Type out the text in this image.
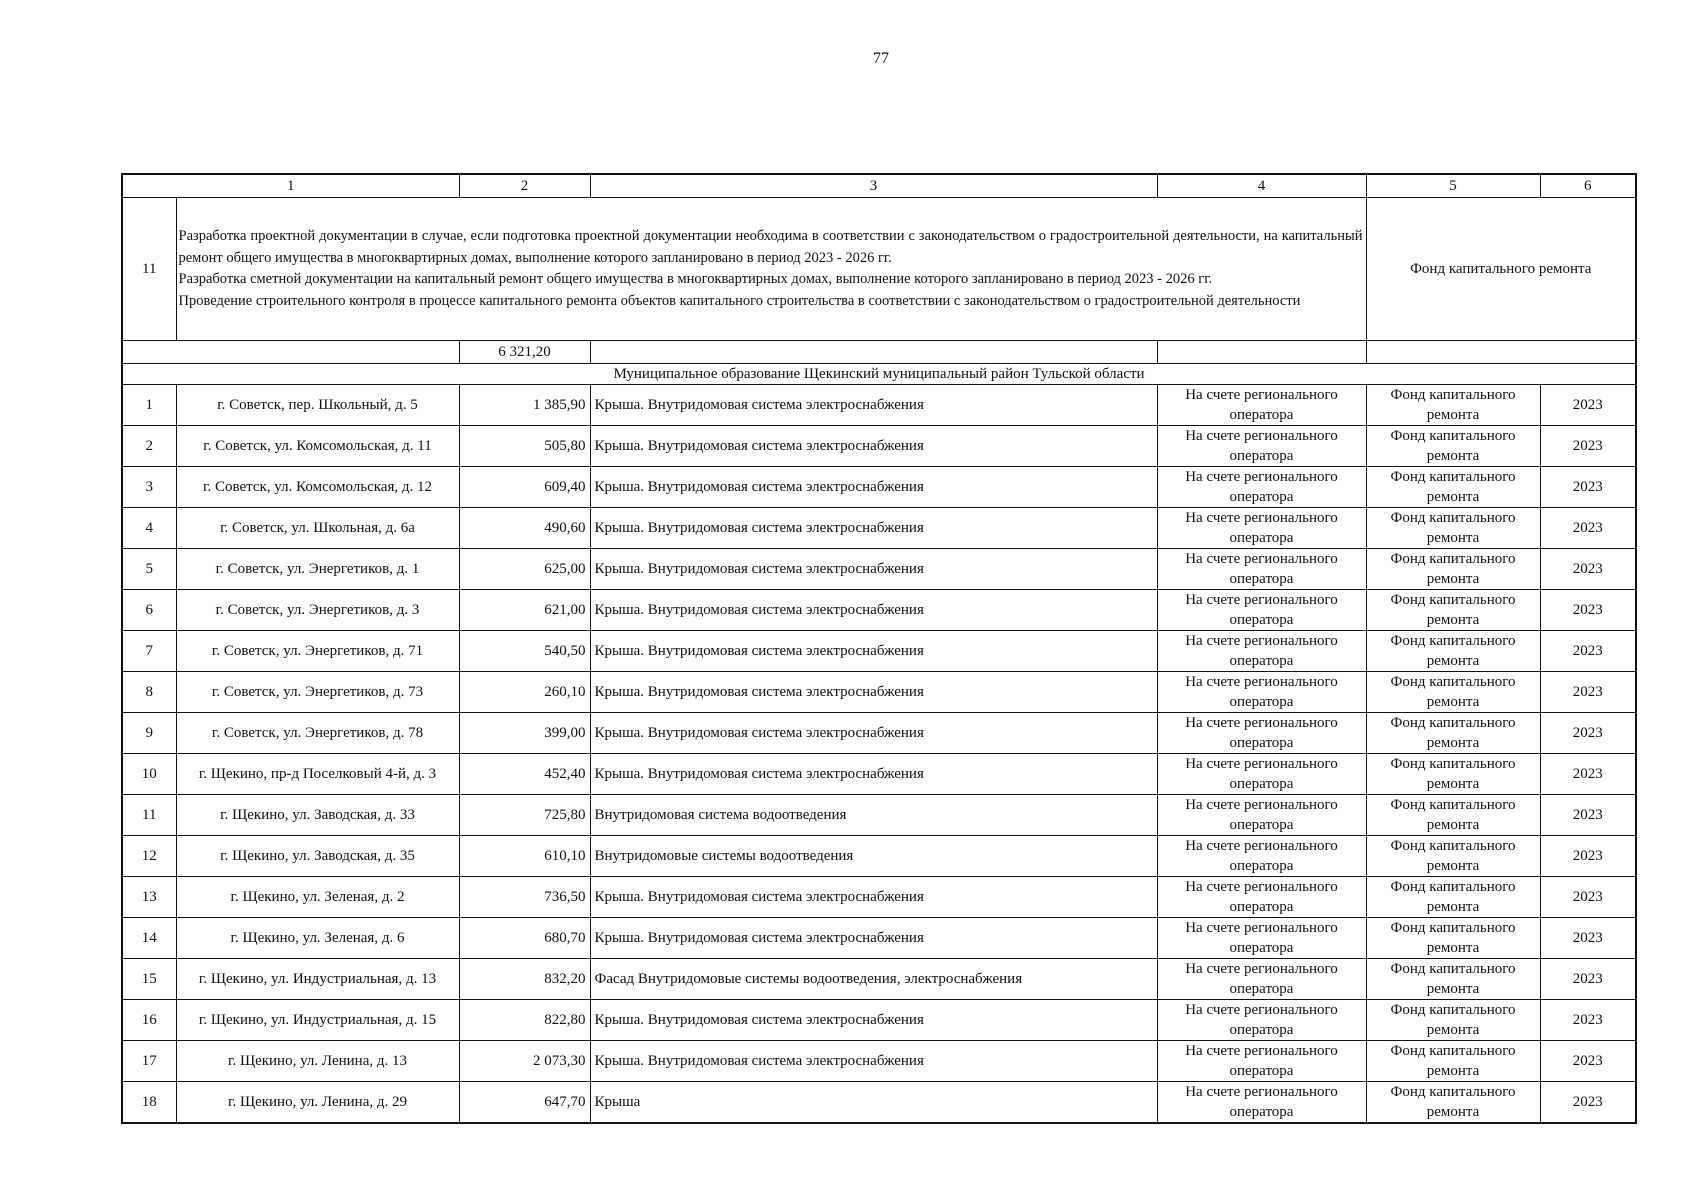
77
1		2	3	4	5	6
11	Разработка проектной документации в случае, если подготовка проектной документации необходима в соответствии с законодательством о градостроительной деятельности, на капитальный ремонт общего имущества в многоквартирных домах, выполнение которого запланировано в период 2023 - 2026 гг.

Разработка сметной документации на капитальный ремонт общего имущества в многоквартирных домах, выполнение которого запланировано в период 2023 - 2026 гг.

Проведение строительного контроля в процессе капитального ремонта объектов капитального строительства в соответствии с законодательством о градостроительной деятельности				Фонд капитального ремонта	
		6 321,20				
Муниципальное образование Щекинский муниципальный район Тульской области						
1	г. Советск, пер. Школьный, д. 5	1 385,90	Крыша. Внутридомовая система электроснабжения	На счете регионального оператора	Фонд капитального ремонта	2023
2	г. Советск, ул. Комсомольская, д. 11	505,80	Крыша. Внутридомовая система электроснабжения	На счете регионального оператора	Фонд капитального ремонта	2023
3	г. Советск, ул. Комсомольская, д. 12	609,40	Крыша. Внутридомовая система электроснабжения	На счете регионального оператора	Фонд капитального ремонта	2023
4	г. Советск, ул. Школьная, д. 6а	490,60	Крыша. Внутридомовая система электроснабжения	На счете регионального оператора	Фонд капитального ремонта	2023
5	г. Советск, ул. Энергетиков, д. 1	625,00	Крыша. Внутридомовая система электроснабжения	На счете регионального оператора	Фонд капитального ремонта	2023
6	г. Советск, ул. Энергетиков, д. 3	621,00	Крыша. Внутридомовая система электроснабжения	На счете регионального оператора	Фонд капитального ремонта	2023
7	г. Советск, ул. Энергетиков, д. 71	540,50	Крыша. Внутридомовая система электроснабжения	На счете регионального оператора	Фонд капитального ремонта	2023
8	г. Советск, ул. Энергетиков, д. 73	260,10	Крыша. Внутридомовая система электроснабжения	На счете регионального оператора	Фонд капитального ремонта	2023
9	г. Советск, ул. Энергетиков, д. 78	399,00	Крыша. Внутридомовая система электроснабжения	На счете регионального оператора	Фонд капитального ремонта	2023
10	г. Щекино, пр-д Поселковый 4-й, д. 3	452,40	Крыша. Внутридомовая система электроснабжения	На счете регионального оператора	Фонд капитального ремонта	2023
11	г. Щекино, ул. Заводская, д. 33	725,80	Внутридомовая система водоотведения	На счете регионального оператора	Фонд капитального ремонта	2023
12	г. Щекино, ул. Заводская, д. 35	610,10	Внутридомовые системы водоотведения	На счете регионального оператора	Фонд капитального ремонта	2023
13	г. Щекино, ул. Зеленая, д. 2	736,50	Крыша. Внутридомовая система электроснабжения	На счете регионального оператора	Фонд капитального ремонта	2023
14	г. Щекино, ул. Зеленая, д. 6	680,70	Крыша. Внутридомовая система электроснабжения	На счете регионального оператора	Фонд капитального ремонта	2023
15	г. Щекино, ул. Индустриальная, д. 13	832,20	Фасад Внутридомовые системы водоотведения, электроснабжения	На счете регионального оператора	Фонд капитального ремонта	2023
16	г. Щекино, ул. Индустриальная, д. 15	822,80	Крыша. Внутридомовая система электроснабжения	На счете регионального оператора	Фонд капитального ремонта	2023
17	г. Щекино, ул. Ленина, д. 13	2 073,30	Крыша. Внутридомовая система электроснабжения	На счете регионального оператора	Фонд капитального ремонта	2023
18	г. Щекино, ул. Ленина, д. 29	647,70	Крыша	На счете регионального оператора	Фонд капитального ремонта	2023
